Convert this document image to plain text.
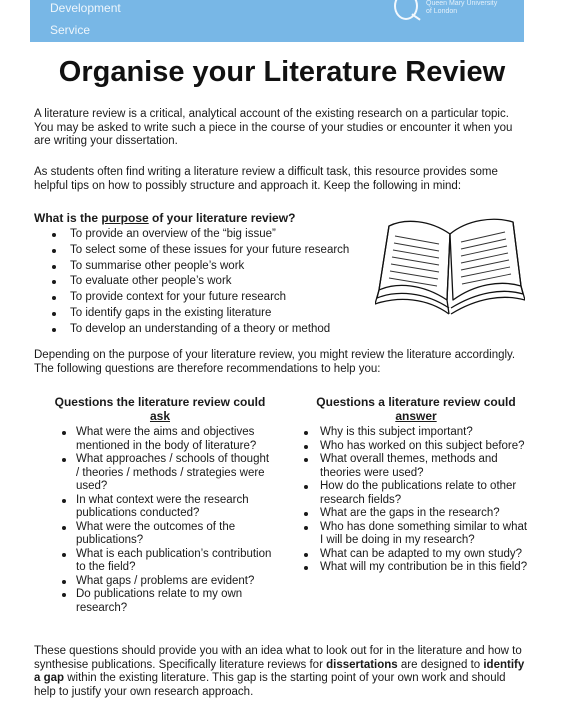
Development
Service
Queen Mary University of London
Organise your Literature Review
A literature review is a critical, analytical account of the existing research on a particular topic. You may be asked to write such a piece in the course of your studies or encounter it when you are writing your dissertation.
As students often find writing a literature review a difficult task, this resource provides some helpful tips on how to possibly structure and approach it. Keep the following in mind:
What is the purpose of your literature review?
To provide an overview of the “big issue”
To select some of these issues for your future research
To summarise other people’s work
To evaluate other people’s work
To provide context for your future research
To identify gaps in the existing literature
To develop an understanding of a theory or method
Depending on the purpose of your literature review, you might review the literature accordingly. The following questions are therefore recommendations to help you:
Questions the literature review could
ask
What were the aims and objectives mentioned in the body of literature?
What approaches / schools of thought / theories / methods / strategies were used?
In what context were the research publications conducted?
What were the outcomes of the publications?
What is each publication’s contribution to the field?
What gaps / problems are evident?
Do publications relate to my own research?
Questions a literature review could
answer
Why is this subject important?
Who has worked on this subject before?
What overall themes, methods and theories were used?
How do the publications relate to other research fields?
What are the gaps in the research?
Who has done something similar to what I will be doing in my research?
What can be adapted to my own study?
What will my contribution be in this field?
These questions should provide you with an idea what to look out for in the literature and how to synthesise publications. Specifically literature reviews for dissertations are designed to identify a gap within the existing literature. This gap is the starting point of your own work and should help to justify your own research approach.
